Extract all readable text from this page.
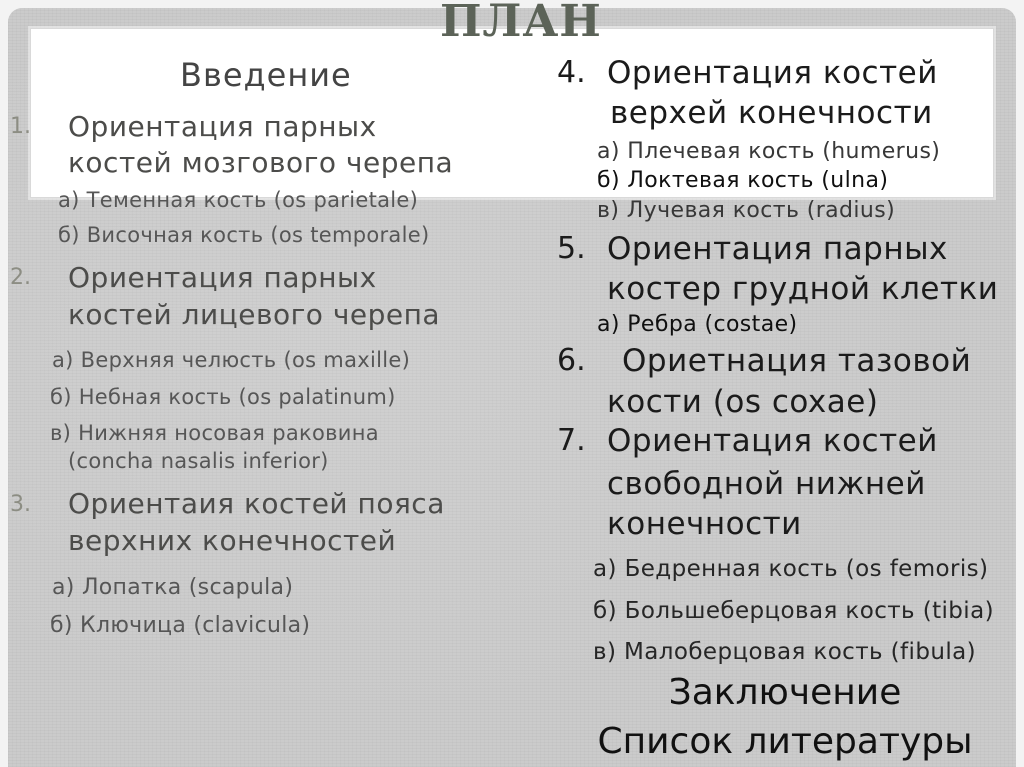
ПЛАН
Введение
1. Ориентация парных
костей мозгового черепа
а) Теменная кость (os parietale)
б) Височная кость (os temporale)
2. Ориентация парных
костей лицевого черепа
а) Верхняя челюсть (os maxille)
б) Небная кость (os palatinum)
в) Нижняя носовая раковина
(concha nasalis inferior)
3. Ориентаия костей пояса
верхних конечностей
а) Лопатка (scapula)
б) Ключица (clavicula)
4. Ориентация костей
верхей конечности
а) Плечевая кость (humerus)
б) Локтевая кость (ulna)
в) Лучевая кость (radius)
5. Ориентация парных
костер грудной клетки
а) Ребра (costae)
6. Ориетнация тазовой
кости (os coxae)
7. Ориентация костей
свободной нижней
конечности
а) Бедренная кость (os femoris)
б) Большеберцовая кость (tibia)
в) Малоберцовая кость (fibula)
Заключение
Список литературы
